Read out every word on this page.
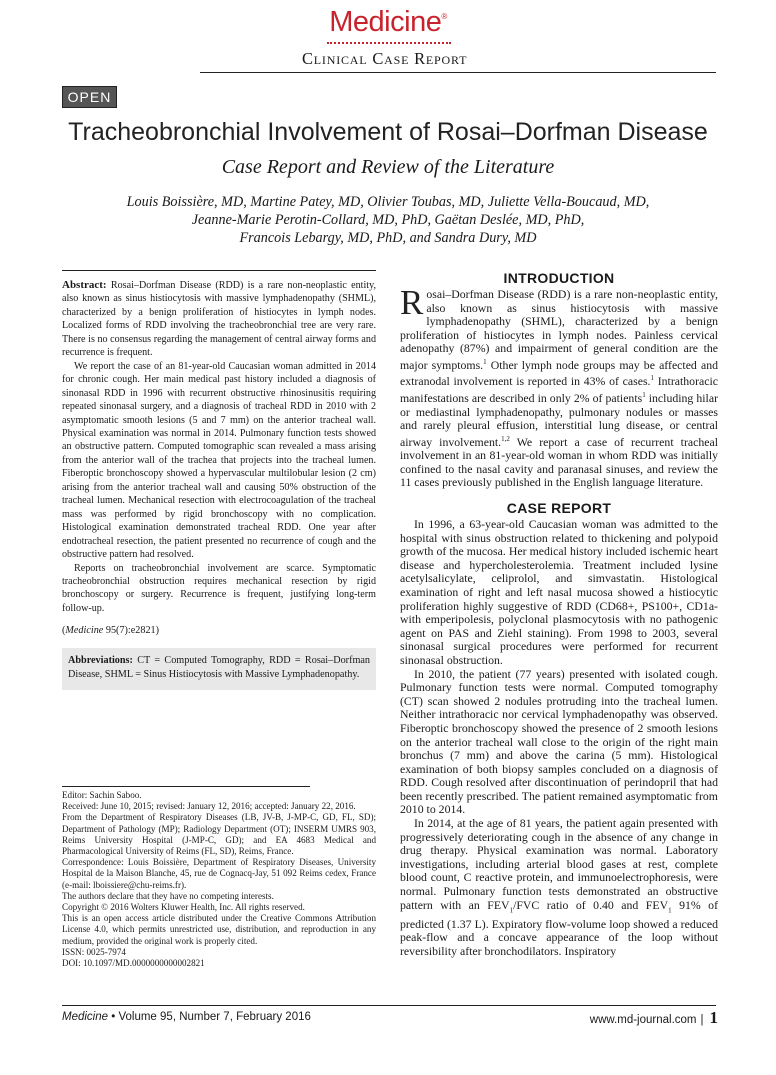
Medicine®
Clinical Case Report
OPEN
Tracheobronchial Involvement of Rosai–Dorfman Disease
Case Report and Review of the Literature
Louis Boissière, MD, Martine Patey, MD, Olivier Toubas, MD, Juliette Vella-Boucaud, MD,
Jeanne-Marie Perotin-Collard, MD, PhD, Gaëtan Deslée, MD, PhD,
Francois Lebargy, MD, PhD, and Sandra Dury, MD

Abstract: Rosai–Dorfman Disease (RDD) is a rare non-neoplastic entity, also known as sinus histiocytosis with massive lymphadenopathy (SHML), characterized by a benign proliferation of histiocytes in lymph nodes. Localized forms of RDD involving the tracheobronchial tree are very rare. There is no consensus regarding the management of central airway forms and recurrence is frequent.

We report the case of an 81-year-old Caucasian woman admitted in 2014 for chronic cough. Her main medical past history included a diagnosis of sinonasal RDD in 1996 with recurrent obstructive rhinosinusitis requiring repeated sinonasal surgery, and a diagnosis of tracheal RDD in 2010 with 2 asymptomatic smooth lesions (5 and 7 mm) on the anterior tracheal wall. Physical examination was normal in 2014. Pulmonary function tests showed an obstructive pattern. Computed tomographic scan revealed a mass arising from the anterior wall of the trachea that projects into the tracheal lumen. Fiberoptic bronchoscopy showed a hypervascular multilobular lesion (2 cm) arising from the anterior tracheal wall and causing 50% obstruction of the tracheal lumen. Mechanical resection with electrocoagulation of the tracheal mass was performed by rigid bronchoscopy with no complication. Histological examination demonstrated tracheal RDD. One year after endotracheal resection, the patient presented no recurrence of cough and the obstructive pattern had resolved.

Reports on tracheobronchial involvement are scarce. Symptomatic tracheobronchial obstruction requires mechanical resection by rigid bronchoscopy or surgery. Recurrence is frequent, justifying long-term follow-up.

(Medicine 95(7):e2821)
Abbreviations: CT = Computed Tomography, RDD = Rosai–Dorfman Disease, SHML = Sinus Histiocytosis with Massive Lymphadenopathy.
Editor: Sachin Saboo.
Received: June 10, 2015; revised: January 12, 2016; accepted: January 22, 2016.
From the Department of Respiratory Diseases (LB, JV-B, J-MP-C, GD, FL, SD); Department of Pathology (MP); Radiology Department (OT); INSERM UMRS 903, Reims University Hospital (J-MP-C, GD); and EA 4683 Medical and Pharmacological University of Reims (FL, SD), Reims, France.
Correspondence: Louis Boissière, Department of Respiratory Diseases, University Hospital de la Maison Blanche, 45, rue de Cognacq-Jay, 51 092 Reims cedex, France (e-mail: lboissiere@chu-reims.fr).
The authors declare that they have no competing interests.
Copyright © 2016 Wolters Kluwer Health, Inc. All rights reserved.
This is an open access article distributed under the Creative Commons Attribution License 4.0, which permits unrestricted use, distribution, and reproduction in any medium, provided the original work is properly cited.
ISSN: 0025-7974
DOI: 10.1097/MD.0000000000002821
INTRODUCTION

Rosai–Dorfman Disease (RDD) is a rare non-neoplastic entity, also known as sinus histiocytosis with massive lymphadenopathy (SHML), characterized by a benign proliferation of histiocytes in lymph nodes. Painless cervical adenopathy (87%) and impairment of general condition are the major symptoms.$^1$ Other lymph node groups may be affected and extranodal involvement is reported in 43% of cases.$^1$ Intrathoracic manifestations are described in only 2% of patients$^1$ including hilar or mediastinal lymphadenopathy, pulmonary nodules or masses and rarely pleural effusion, interstitial lung disease, or central airway involvement.$^{1,2}$ We report a case of recurrent tracheal involvement in an 81-year-old woman in whom RDD was initially confined to the nasal cavity and paranasal sinuses, and review the 11 cases previously published in the English language literature.

CASE REPORT

In 1996, a 63-year-old Caucasian woman was admitted to the hospital with sinus obstruction related to thickening and polypoid growth of the mucosa. Her medical history included ischemic heart disease and hypercholesterolemia. Treatment included lysine acetylsalicylate, celiprolol, and simvastatin. Histological examination of right and left nasal mucosa showed a histiocytic proliferation highly suggestive of RDD (CD68+, PS100+, CD1a- with emperipolesis, polyclonal plasmocytosis with no pathogenic agent on PAS and Ziehl staining). From 1998 to 2003, several sinonasal surgical procedures were performed for recurrent sinonasal obstruction.

In 2010, the patient (77 years) presented with isolated cough. Pulmonary function tests were normal. Computed tomography (CT) scan showed 2 nodules protruding into the tracheal lumen. Neither intrathoracic nor cervical lymphadenopathy was observed. Fiberoptic bronchoscopy showed the presence of 2 smooth lesions on the anterior tracheal wall close to the origin of the right main bronchus (7 mm) and above the carina (5 mm). Histological examination of both biopsy samples concluded on a diagnosis of RDD. Cough resolved after discontinuation of perindopril that had been recently prescribed. The patient remained asymptomatic from 2010 to 2014.

In 2014, at the age of 81 years, the patient again presented with progressively deteriorating cough in the absence of any change in drug therapy. Physical examination was normal. Laboratory investigations, including arterial blood gases at rest, complete blood count, C reactive protein, and immunoelectrophoresis, were normal. Pulmonary function tests demonstrated an obstructive pattern with an $FEV_1$/FVC ratio of 0.40 and $FEV_1$ 91% of predicted (1.37 L). Expiratory flow-volume loop showed a reduced peak-flow and a concave appearance of the loop without reversibility after bronchodilators. Inspiratory

Medicine • Volume 95, Number 7, February 2016	www.md-journal.com | 1
